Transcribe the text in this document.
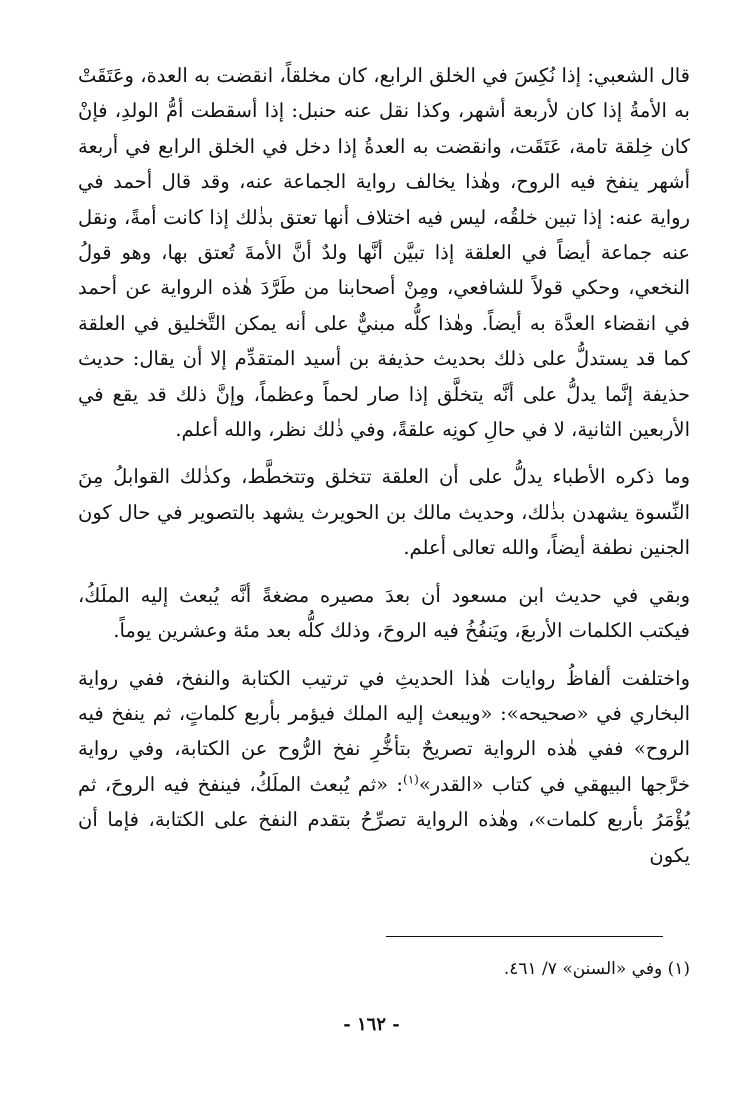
قال الشعبي: إذا نُكِسَ في الخلق الرابع، كان مخلقاً، انقضت به العدة، وعَتَقَتْ به الأمةُ إذا كان لأربعة أشهر، وكذا نقل عنه حنبل: إذا أسقطت أمُّ الولدِ، فإنْ كان خِلقة تامة، عَتَقَت، وانقضت به العدةُ إذا دخل في الخلق الرابع في أربعة أشهر ينفخ فيه الروح، وهٰذا يخالف رواية الجماعة عنه، وقد قال أحمد في رواية عنه: إذا تبين خلقُه، ليس فيه اختلاف أنها تعتق بذٰلك إذا كانت أمةً، ونقل عنه جماعة أيضاً في العلقة إذا تبيَّن أنَّها ولدٌ أنَّ الأمةَ تُعتق بها، وهو قولُ النخعي، وحكي قولاً للشافعي، ومِنْ أصحابنا من طَرَّدَ هٰذه الرواية عن أحمد في انقضاء العدَّة به أيضاً. وهٰذا كلُّه مبنيٌّ على أنه يمكن التَّخليق في العلقة كما قد يستدلُّ على ذلك بحديث حذيفة بن أسيد المتقدِّم إلا أن يقال: حديث حذيفة إنَّما يدلُّ على أنَّه يتخلَّق إذا صار لحماً وعظماً، وإنَّ ذلك قد يقع في الأربعين الثانية، لا في حالِ كونِه علقةً، وفي ذٰلك نظر، والله أعلم.

وما ذكره الأطباء يدلُّ على أن العلقة تتخلق وتتخطَّط، وكذٰلك القوابلُ مِنَ النِّسوة يشهدن بذٰلك، وحديث مالك بن الحويرث يشهد بالتصوير في حال كون الجنين نطفة أيضاً، والله تعالى أعلم.

وبقي في حديث ابن مسعود أن بعدَ مصيره مضغةً أنَّه يُبعث إليه الملَكُ، فيكتب الكلمات الأربعَ، ويَنفُخُ فيه الروحَ، وذلك كلُّه بعد مئة وعشرين يوماً.

واختلفت ألفاظُ روايات هٰذا الحديثِ في ترتيب الكتابة والنفخ، ففي رواية البخاري في «صحيحه»: «ويبعث إليه الملك فيؤمر بأربع كلماتٍ، ثم ينفخ فيه الروح» ففي هٰذه الرواية تصريحٌ بتأخُّرِ نفخ الرُّوح عن الكتابة، وفي رواية خرَّجها البيهقي في كتاب «القدر»$^{(١)}$: «ثم يُبعث الملَكُ، فينفخ فيه الروحَ، ثم يُؤْمَرُ بأربع كلمات»، وهٰذه الرواية تصرِّحُ بتقدم النفخ على الكتابة، فإما أن يكون

(١) وفي «السنن» ٧/ ٤٦١.
- ١٦٢ -
